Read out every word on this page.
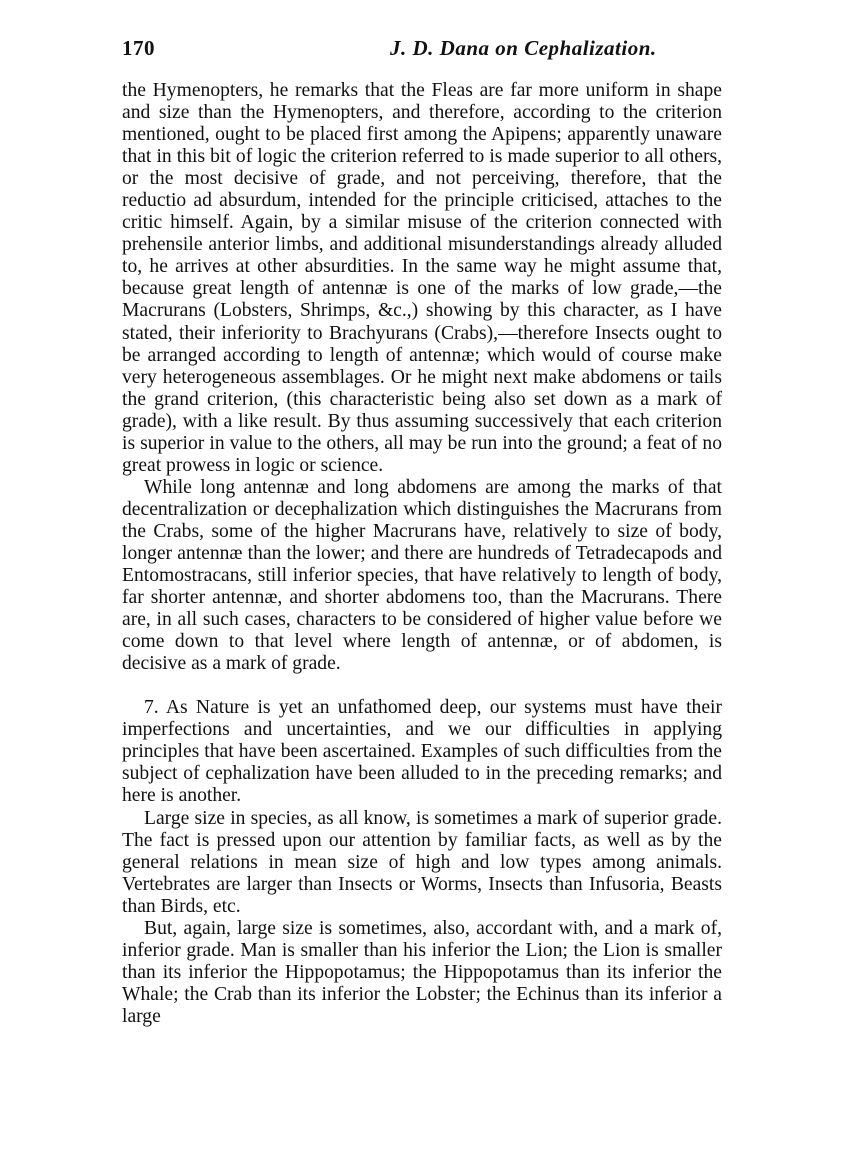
170	J. D. Dana on Cephalization.

the Hymenopters, he remarks that the Fleas are far more uniform in shape and size than the Hymenopters, and therefore, according to the criterion mentioned, ought to be placed first among the Apipens; apparently unaware that in this bit of logic the criterion referred to is made superior to all others, or the most decisive of grade, and not perceiving, therefore, that the reductio ad absurdum, intended for the principle criticised, attaches to the critic himself. Again, by a similar misuse of the criterion connected with prehensile anterior limbs, and additional misunderstandings already alluded to, he arrives at other absurdities. In the same way he might assume that, because great length of antennæ is one of the marks of low grade,—the Macrurans (Lobsters, Shrimps, &c.,) showing by this character, as I have stated, their inferiority to Brachyurans (Crabs),—therefore Insects ought to be arranged according to length of antennæ; which would of course make very heterogeneous assemblages. Or he might next make abdomens or tails the grand criterion, (this characteristic being also set down as a mark of grade), with a like result. By thus assuming successively that each criterion is superior in value to the others, all may be run into the ground; a feat of no great prowess in logic or science.

While long antennæ and long abdomens are among the marks of that decentralization or decephalization which distinguishes the Macrurans from the Crabs, some of the higher Macrurans have, relatively to size of body, longer antennæ than the lower; and there are hundreds of Tetradecapods and Entomostracans, still inferior species, that have relatively to length of body, far shorter antennæ, and shorter abdomens too, than the Macrurans. There are, in all such cases, characters to be considered of higher value before we come down to that level where length of antennæ, or of abdomen, is decisive as a mark of grade.

7. As Nature is yet an unfathomed deep, our systems must have their imperfections and uncertainties, and we our difficulties in applying principles that have been ascertained. Examples of such difficulties from the subject of cephalization have been alluded to in the preceding remarks; and here is another.

Large size in species, as all know, is sometimes a mark of superior grade. The fact is pressed upon our attention by familiar facts, as well as by the general relations in mean size of high and low types among animals. Vertebrates are larger than Insects or Worms, Insects than Infusoria, Beasts than Birds, etc.

But, again, large size is sometimes, also, accordant with, and a mark of, inferior grade. Man is smaller than his inferior the Lion; the Lion is smaller than its inferior the Hippopotamus; the Hippopotamus than its inferior the Whale; the Crab than its inferior the Lobster; the Echinus than its inferior a large
